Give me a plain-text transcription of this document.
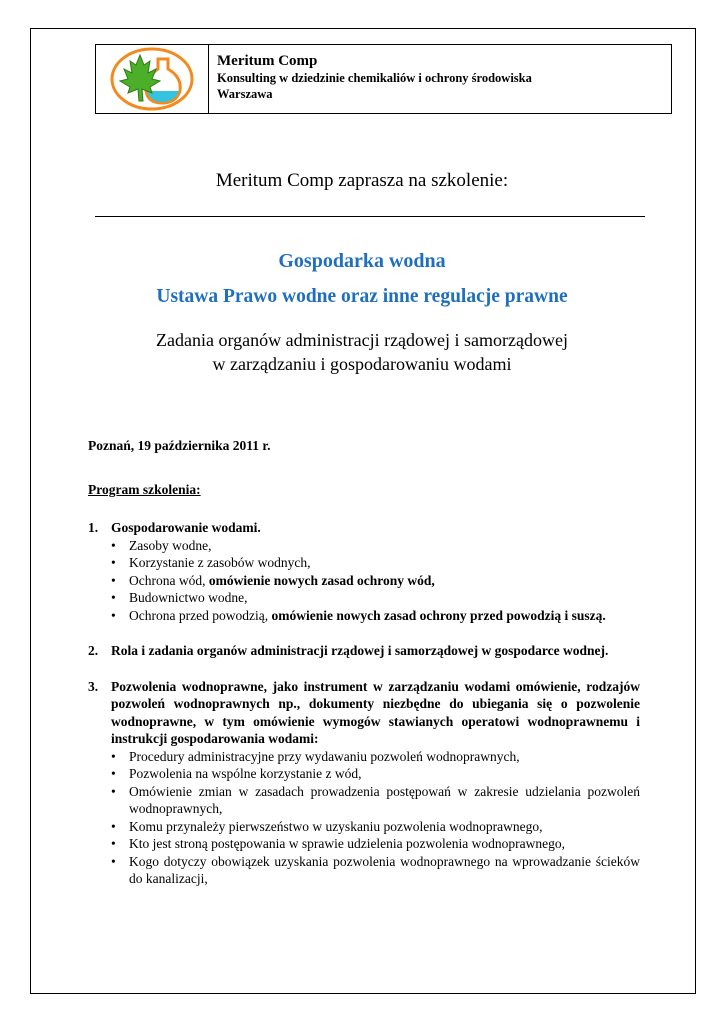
Meritum Comp
Konsulting w dziedzinie chemikaliów i ochrony środowiska
Warszawa
Meritum Comp zaprasza na szkolenie:
Gospodarka wodna
Ustawa Prawo wodne oraz inne regulacje prawne
Zadania organów administracji rządowej i samorządowej
w zarządzaniu i gospodarowaniu wodami
Poznań, 19 października 2011 r.
Program szkolenia:
1. Gospodarowanie wodami.
• Zasoby wodne,
• Korzystanie z zasobów wodnych,
• Ochrona wód, omówienie nowych zasad ochrony wód,
• Budownictwo wodne,
• Ochrona przed powodzią, omówienie nowych zasad ochrony przed powodzią i suszą.
2. Rola i zadania organów administracji rządowej i samorządowej w gospodarce wodnej.
3. Pozwolenia wodnoprawne, jako instrument w zarządzaniu wodami omówienie, rodzajów pozwoleń wodnoprawnych np., dokumenty niezbędne do ubiegania się o pozwolenie wodnoprawne, w tym omówienie wymogów stawianych operatowi wodnoprawnemu i instrukcji gospodarowania wodami:
• Procedury administracyjne przy wydawaniu pozwoleń wodnoprawnych,
• Pozwolenia na wspólne korzystanie z wód,
• Omówienie zmian w zasadach prowadzenia postępowań w zakresie udzielania pozwoleń wodnoprawnych,
• Komu przynależy pierwszeństwo w uzyskaniu pozwolenia wodnoprawnego,
• Kto jest stroną postępowania w sprawie udzielenia pozwolenia wodnoprawnego,
• Kogo dotyczy obowiązek uzyskania pozwolenia wodnoprawnego na wprowadzanie ścieków do kanalizacji,
